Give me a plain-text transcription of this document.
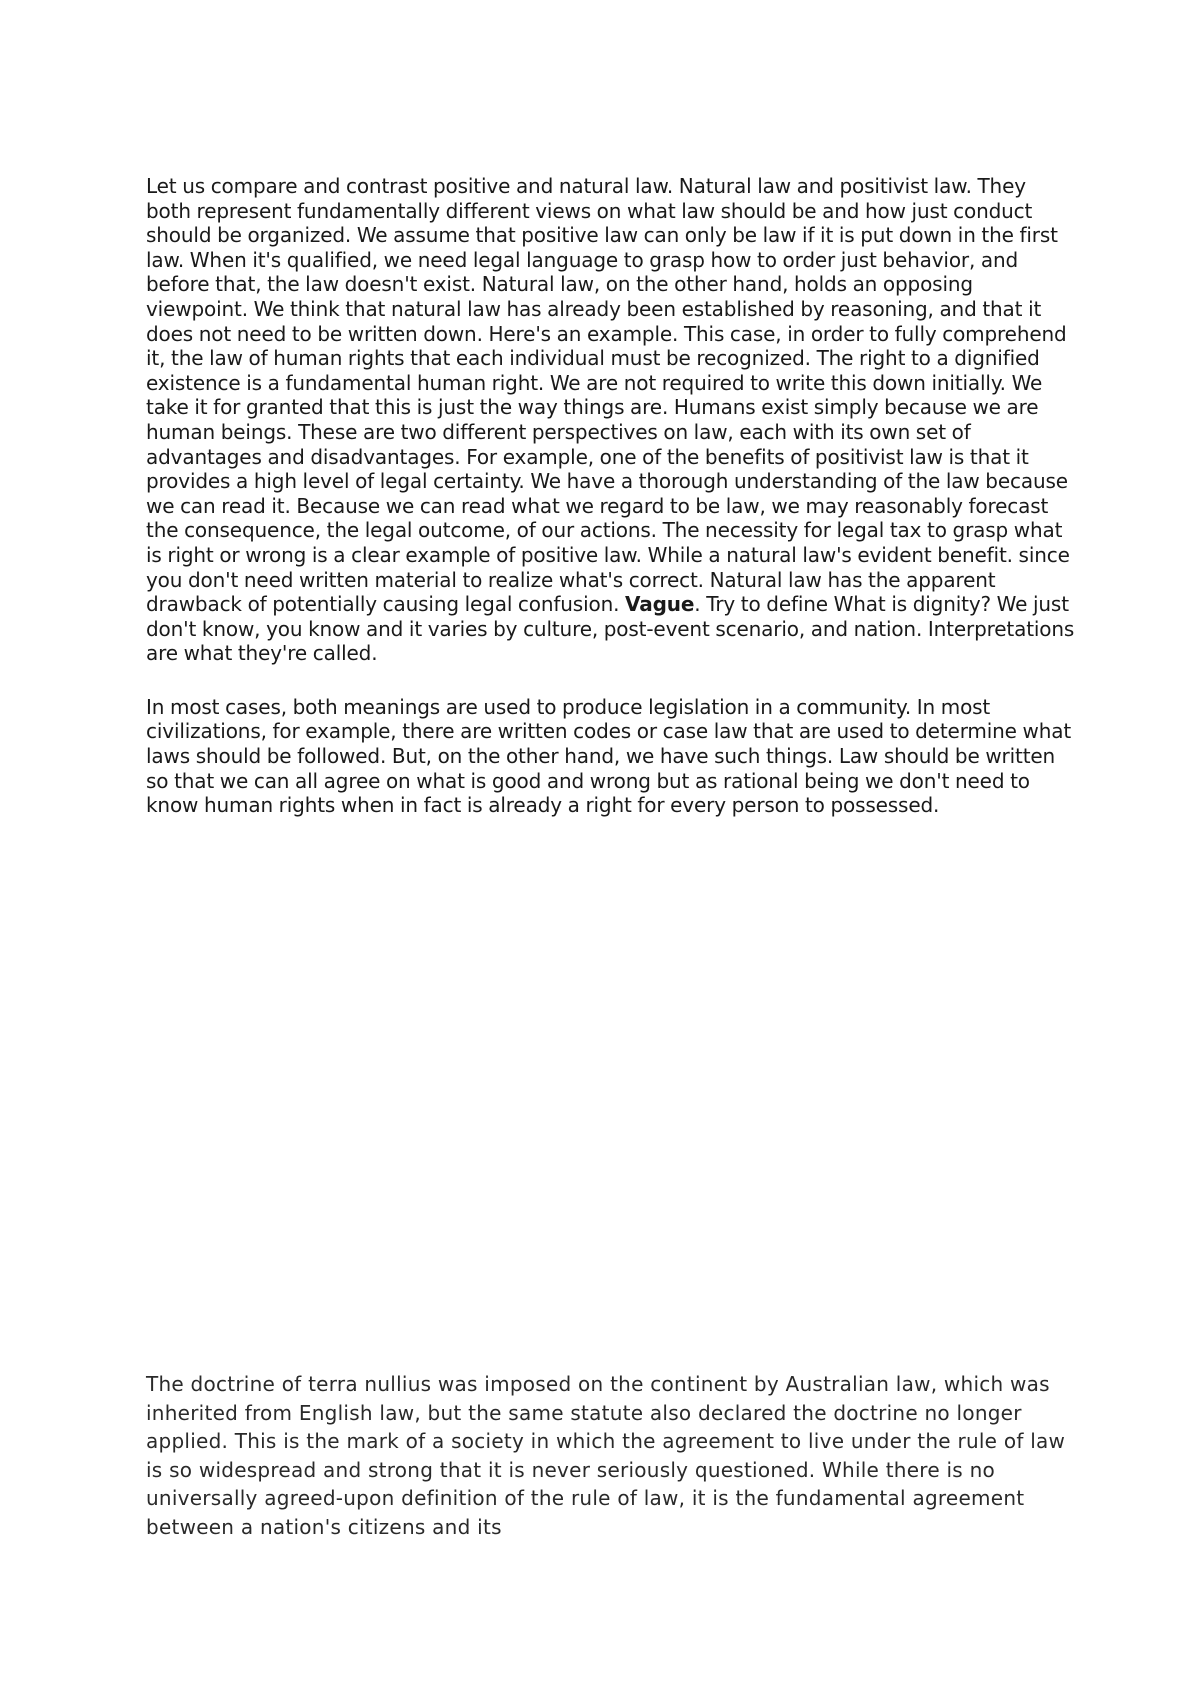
Let us compare and contrast positive and natural law. Natural law and positivist law. They both represent fundamentally different views on what law should be and how just conduct should be organized. We assume that positive law can only be law if it is put down in the first law. When it's qualified, we need legal language to grasp how to order just behavior, and before that, the law doesn't exist. Natural law, on the other hand, holds an opposing viewpoint. We think that natural law has already been established by reasoning, and that it does not need to be written down. Here's an example. This case, in order to fully comprehend it, the law of human rights that each individual must be recognized. The right to a dignified existence is a fundamental human right. We are not required to write this down initially. We take it for granted that this is just the way things are. Humans exist simply because we are human beings. These are two different perspectives on law, each with its own set of advantages and disadvantages. For example, one of the benefits of positivist law is that it provides a high level of legal certainty. We have a thorough understanding of the law because we can read it. Because we can read what we regard to be law, we may reasonably forecast the consequence, the legal outcome, of our actions. The necessity for legal tax to grasp what is right or wrong is a clear example of positive law. While a natural law's evident benefit. since you don't need written material to realize what's correct. Natural law has the apparent drawback of potentially causing legal confusion. Vague. Try to define What is dignity? We just don't know, you know and it varies by culture, post-event scenario, and nation. Interpretations are what they're called.

In most cases, both meanings are used to produce legislation in a community. In most civilizations, for example, there are written codes or case law that are used to determine what laws should be followed. But, on the other hand, we have such things. Law should be written so that we can all agree on what is good and wrong but as rational being we don't need to know human rights when in fact is already a right for every person to possessed.

The doctrine of terra nullius was imposed on the continent by Australian law, which was inherited from English law, but the same statute also declared the doctrine no longer applied. This is the mark of a society in which the agreement to live under the rule of law is so widespread and strong that it is never seriously questioned. While there is no universally agreed-upon definition of the rule of law, it is the fundamental agreement between a nation's citizens and its
